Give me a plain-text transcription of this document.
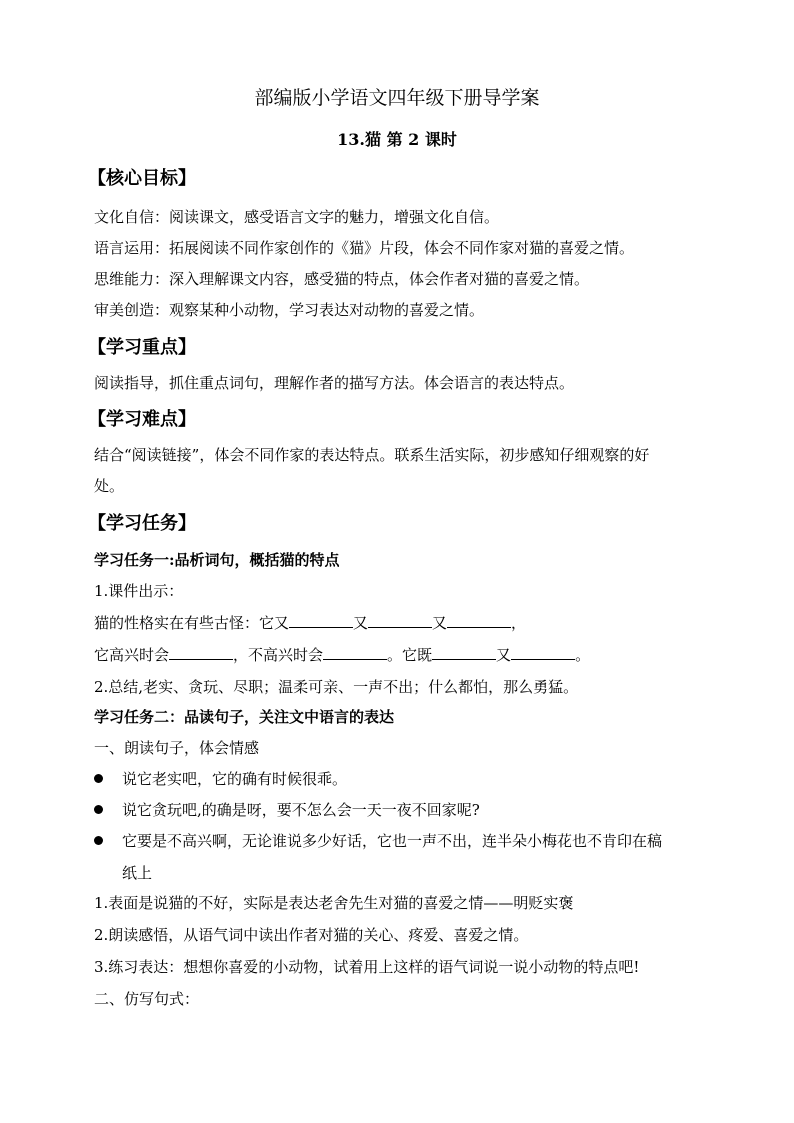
部编版小学语文四年级下册导学案
13.猫 第 2 课时
【核心目标】
文化自信：阅读课文，感受语言文字的魅力，增强文化自信。
语言运用：拓展阅读不同作家创作的《猫》片段，体会不同作家对猫的喜爱之情。
思维能力：深入理解课文内容，感受猫的特点，体会作者对猫的喜爱之情。
审美创造：观察某种小动物，学习表达对动物的喜爱之情。
【学习重点】
阅读指导，抓住重点词句，理解作者的描写方法。体会语言的表达特点。
【学习难点】
结合“阅读链接”，体会不同作家的表达特点。联系生活实际，初步感知仔细观察的好
处。
【学习任务】
学习任务一:品析词句，概括猫的特点
1.课件出示：
猫的性格实在有些古怪：它又	又	又	，
它高兴时会	，不高兴时会	。它既	又	。
2.总结,老实、贪玩、尽职；温柔可亲、一声不出；什么都怕，那么勇猛。
学习任务二：品读句子，关注文中语言的表达
一、朗读句子，体会情感
说它老实吧，它的确有时候很乖。
说它贪玩吧,的确是呀，要不怎么会一天一夜不回家呢?
它要是不高兴啊，无论谁说多少好话，它也一声不出，连半朵小梅花也不肯印在稿
纸上
1.表面是说猫的不好，实际是表达老舍先生对猫的喜爱之情——明贬实褒
2.朗读感悟，从语气词中读出作者对猫的关心、疼爱、喜爱之情。
3.练习表达：想想你喜爱的小动物，试着用上这样的语气词说一说小动物的特点吧!
二、仿写句式：
